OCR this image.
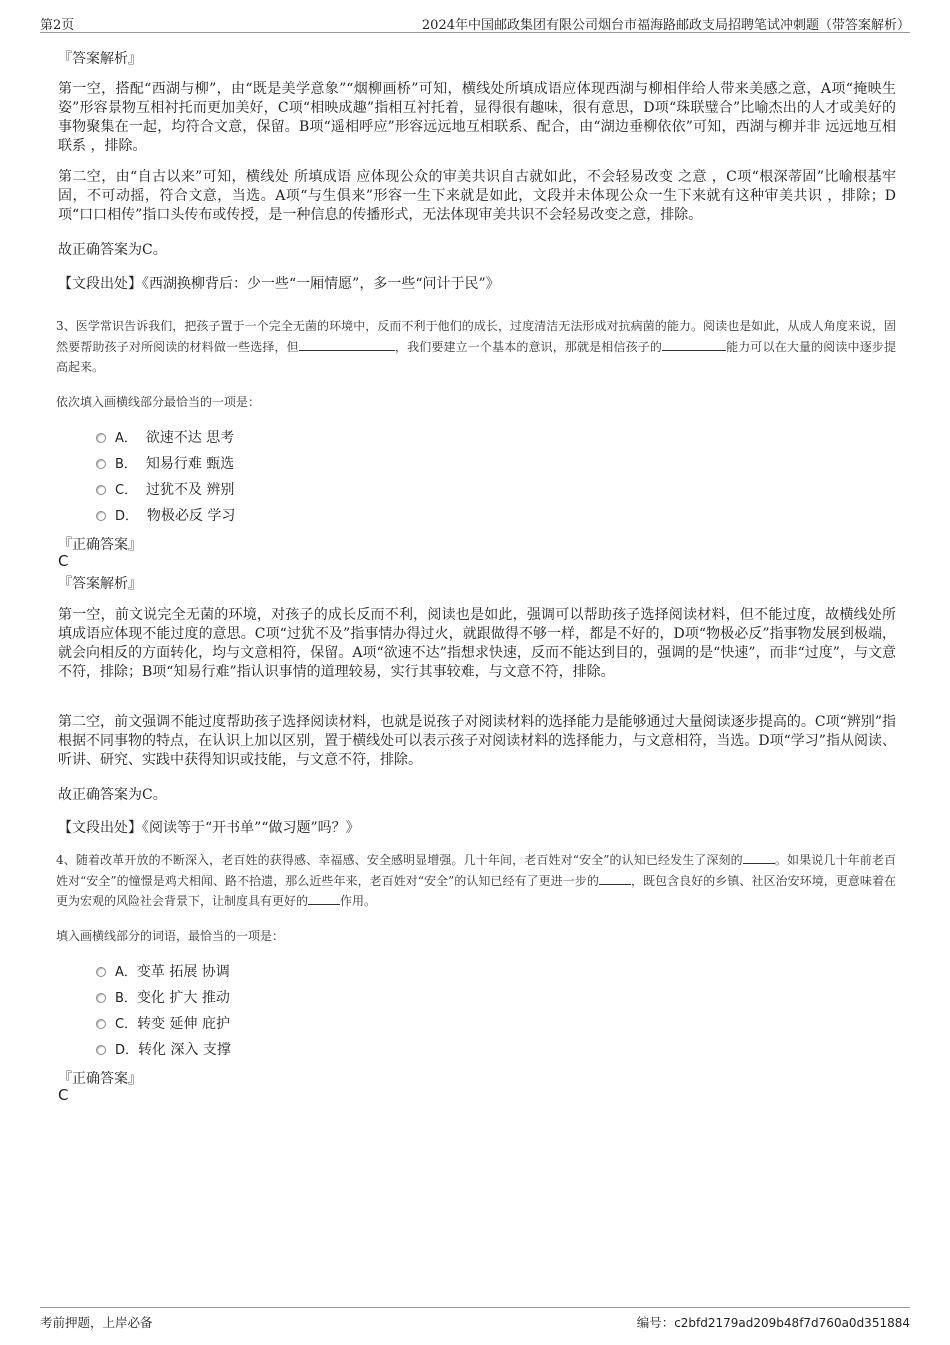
第2页	2024年中国邮政集团有限公司烟台市福海路邮政支局招聘笔试冲刺题（带答案解析）
『答案解析』

第一空，搭配“西湖与柳”，由“既是美学意象”“烟柳画桥”可知，横线处所填成语应体现西湖与柳相伴给人带来美感之意，A项“掩映生姿”形容景物互相衬托而更加美好，C项“相映成趣”指相互衬托着，显得很有趣味，很有意思，D项“珠联璧合”比喻杰出的人才或美好的事物聚集在一起，均符合文意，保留。B项“遥相呼应”形容远远地互相联系、配合，由“湖边垂柳依依”可知，西湖与柳并非 远远地互相联系 ，排除。

第二空，由“自古以来”可知，横线处 所填成语 应体现公众的审美共识自古就如此，不会轻易改变 之意 ，C项“根深蒂固”比喻根基牢固，不可动摇，符合文意，当选。A项“与生俱来”形容一生下来就是如此，文段并未体现公众一生下来就有这种审美共识 ，排除；D项“口口相传”指口头传布或传授，是一种信息的传播形式，无法体现审美共识不会轻易改变之意，排除。

故正确答案为C。
【文段出处】《西湖换柳背后：少一些“一厢情愿”，多一些“问计于民”》

3、医学常识告诉我们，把孩子置于一个完全无菌的环境中，反而不利于他们的成长，过度清洁无法形成对抗病菌的能力。阅读也是如此，从成人角度来说，固然要帮助孩子对所阅读的材料做一些选择，但	，我们要建立一个基本的意识，那就是相信孩子的	能力可以在大量的阅读中逐步提高起来。

依次填入画横线部分最恰当的一项是：
A． 欲速不达 思考
B． 知易行难 甄选
C． 过犹不及 辨别
D． 物极必反 学习
『正确答案』
C
『答案解析』

第一空，前文说完全无菌的环境，对孩子的成长反而不利，阅读也是如此，强调可以帮助孩子选择阅读材料，但不能过度，故横线处所填成语应体现不能过度的意思。C项“过犹不及”指事情办得过火，就跟做得不够一样，都是不好的，D项“物极必反”指事物发展到极端，就会向相反的方面转化，均与文意相符，保留。A项“欲速不达”指想求快速，反而不能达到目的，强调的是“快速”，而非“过度”，与文意不符，排除；B项“知易行难”指认识事情的道理较易，实行其事较难，与文意不符，排除。

第二空，前文强调不能过度帮助孩子选择阅读材料，也就是说孩子对阅读材料的选择能力是能够通过大量阅读逐步提高的。C项“辨别”指根据不同事物的特点，在认识上加以区别，置于横线处可以表示孩子对阅读材料的选择能力，与文意相符，当选。D项“学习”指从阅读、听讲、研究、实践中获得知识或技能，与文意不符，排除。

故正确答案为C。
【文段出处】《阅读等于“开书单”“做习题”吗？》

4、随着改革开放的不断深入，老百姓的获得感、幸福感、安全感明显增强。几十年间，老百姓对“安全”的认知已经发生了深刻的	。如果说几十年前老百姓对“安全”的憧憬是鸡犬相闻、路不拾遗，那么近些年来，老百姓对“安全”的认知已经有了更进一步的	，既包含良好的乡镇、社区治安环境，更意味着在更为宏观的风险社会背景下，让制度具有更好的	作用。

填入画横线部分的词语，最恰当的一项是：
A．变革 拓展 协调
B．变化 扩大 推动
C．转变 延伸 庇护
D．转化 深入 支撑
『正确答案』
C
考前押题，上岸必备	编号：c2bfd2179ad209b48f7d760a0d351884
